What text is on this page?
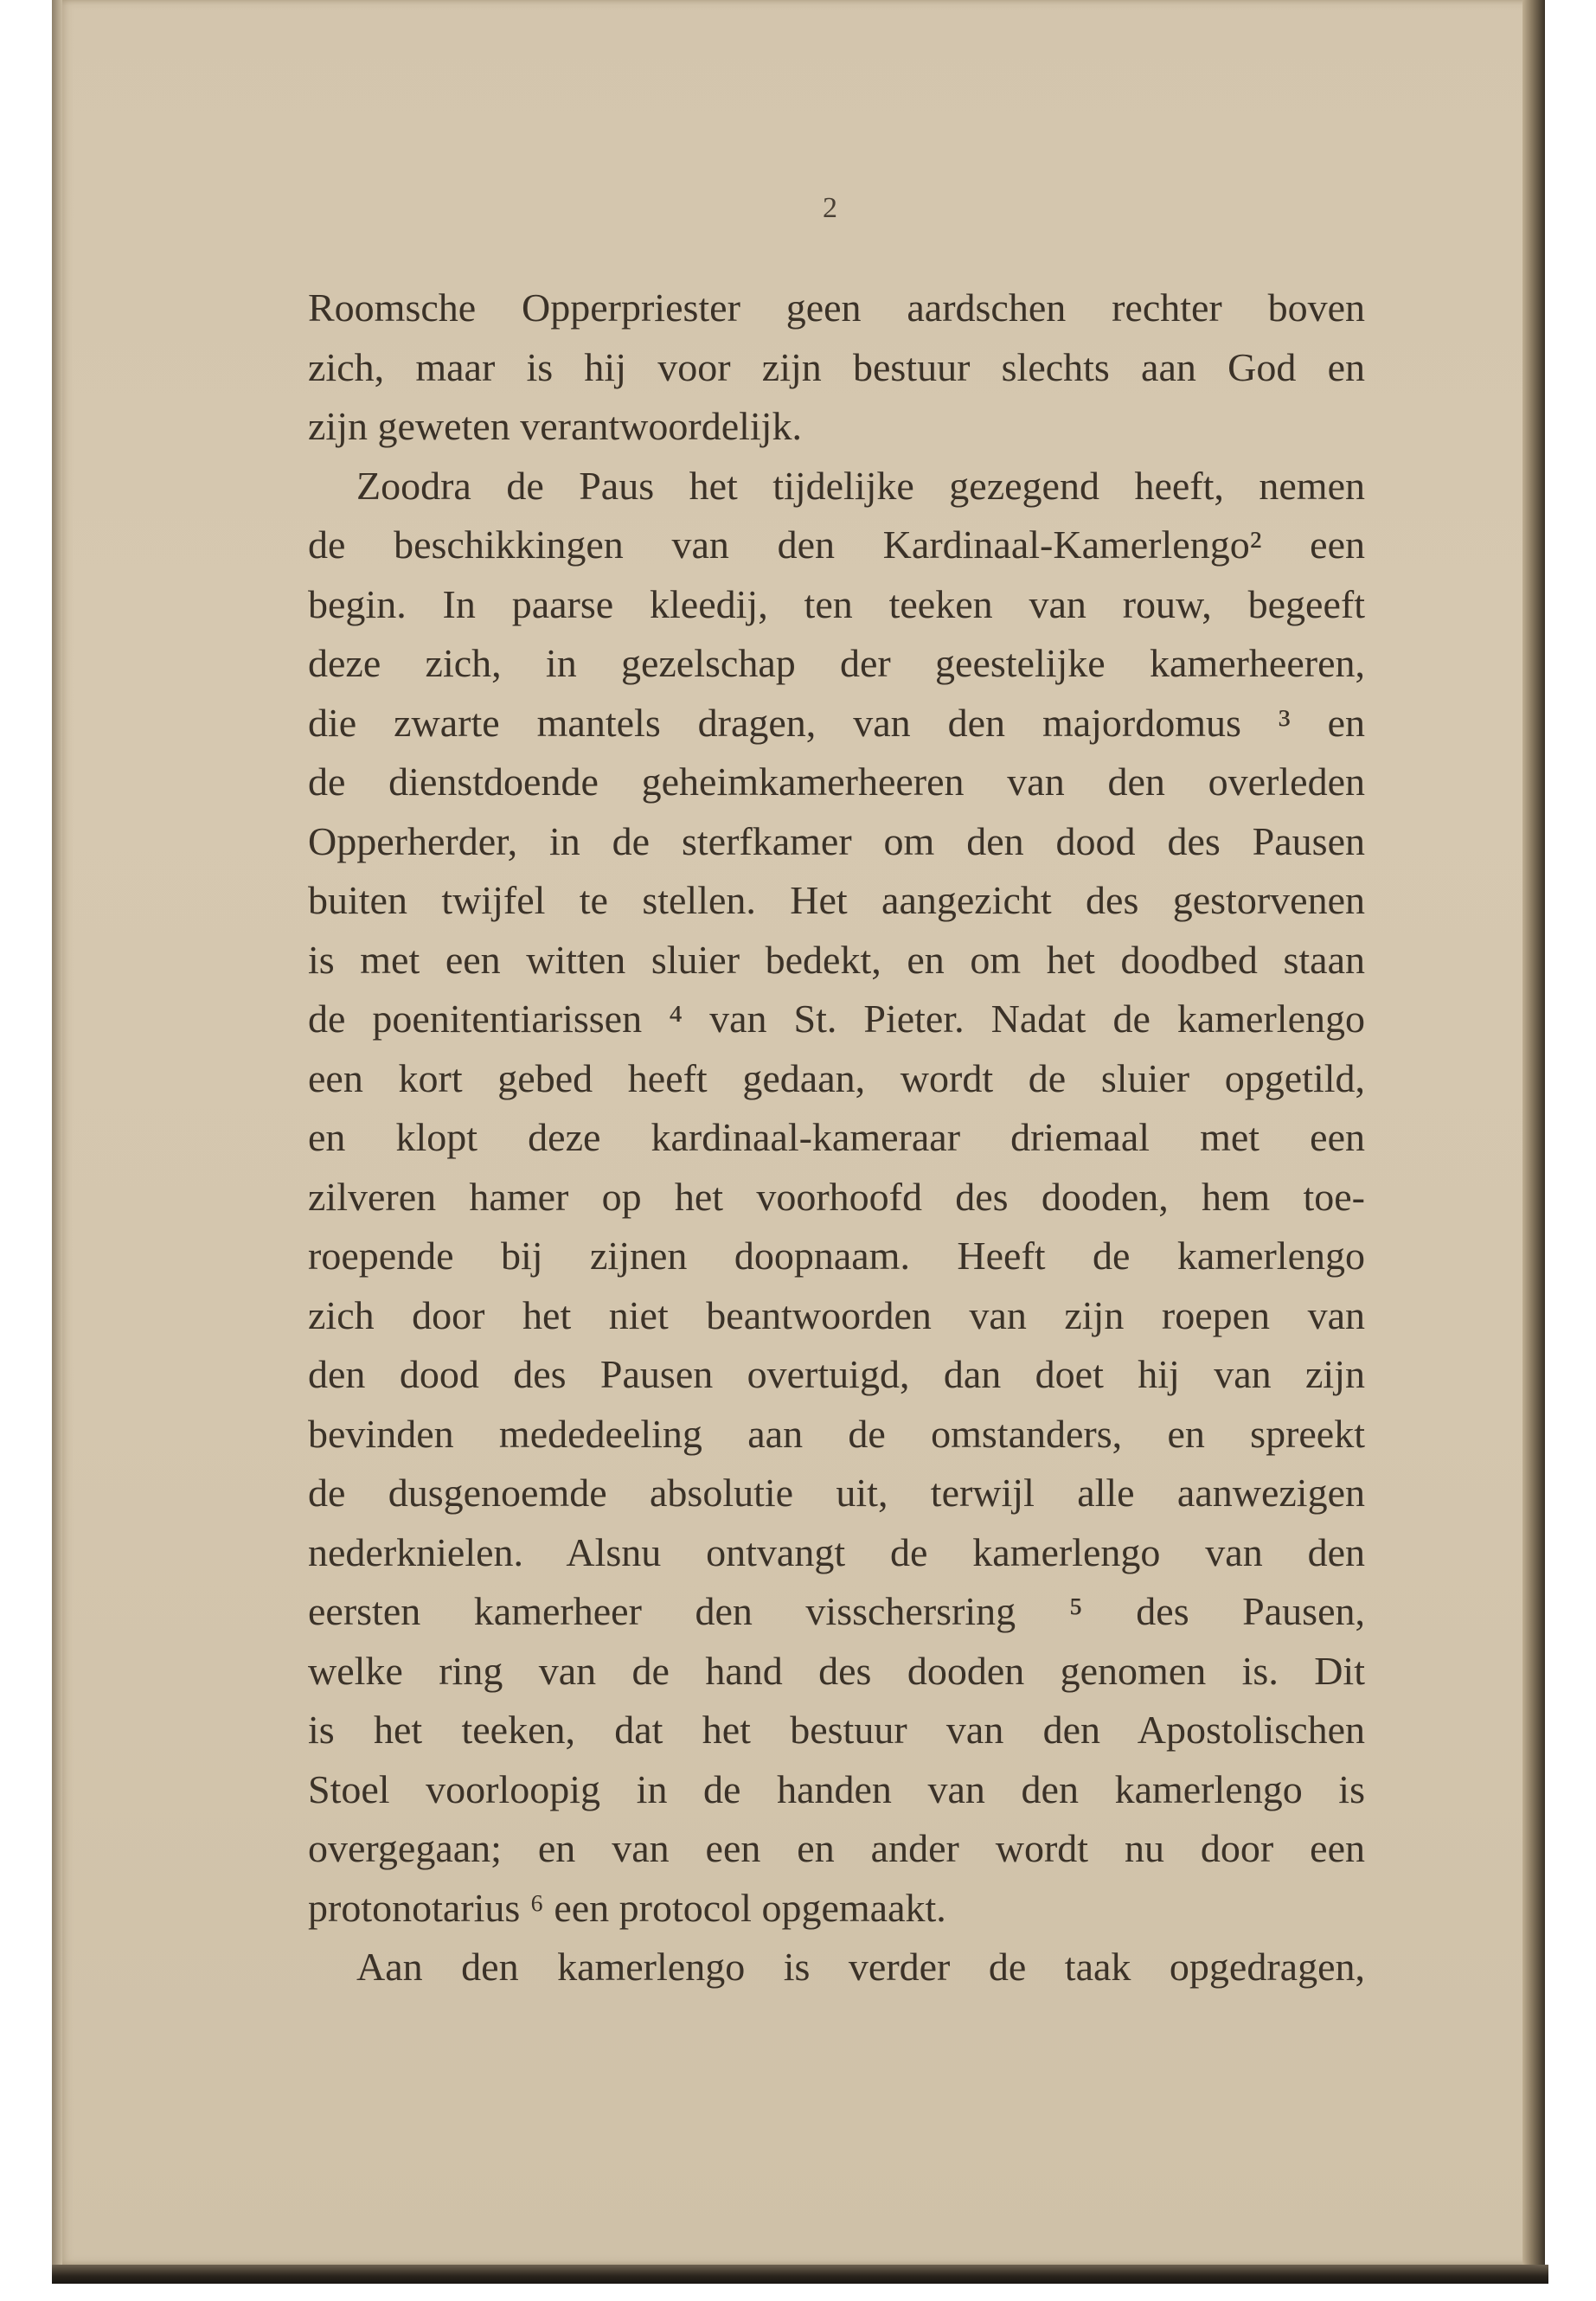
2
Roomsche Opperpriester geen aardschen rechter boven
zich, maar is hij voor zijn bestuur slechts aan God en
zijn geweten verantwoordelijk.
Zoodra de Paus het tijdelijke gezegend heeft, nemen
de beschikkingen van den Kardinaal-Kamerlengo² een
begin. In paarse kleedij, ten teeken van rouw, begeeft
deze zich, in gezelschap der geestelijke kamerheeren,
die zwarte mantels dragen, van den majordomus ³ en
de dienstdoende geheimkamerheeren van den overleden
Opperherder, in de sterfkamer om den dood des Pausen
buiten twijfel te stellen. Het aangezicht des gestorvenen
is met een witten sluier bedekt, en om het doodbed staan
de poenitentiarissen ⁴ van St. Pieter. Nadat de kamerlengo
een kort gebed heeft gedaan, wordt de sluier opgetild,
en klopt deze kardinaal-kameraar driemaal met een
zilveren hamer op het voorhoofd des dooden, hem toe-
roepende bij zijnen doopnaam. Heeft de kamerlengo
zich door het niet beantwoorden van zijn roepen van
den dood des Pausen overtuigd, dan doet hij van zijn
bevinden mededeeling aan de omstanders, en spreekt
de dusgenoemde absolutie uit, terwijl alle aanwezigen
nederknielen. Alsnu ontvangt de kamerlengo van den
eersten kamerheer den visschersring ⁵ des Pausen,
welke ring van de hand des dooden genomen is. Dit
is het teeken, dat het bestuur van den Apostolischen
Stoel voorloopig in de handen van den kamerlengo is
overgegaan; en van een en ander wordt nu door een
protonotarius ⁶ een protocol opgemaakt.
Aan den kamerlengo is verder de taak opgedragen,
